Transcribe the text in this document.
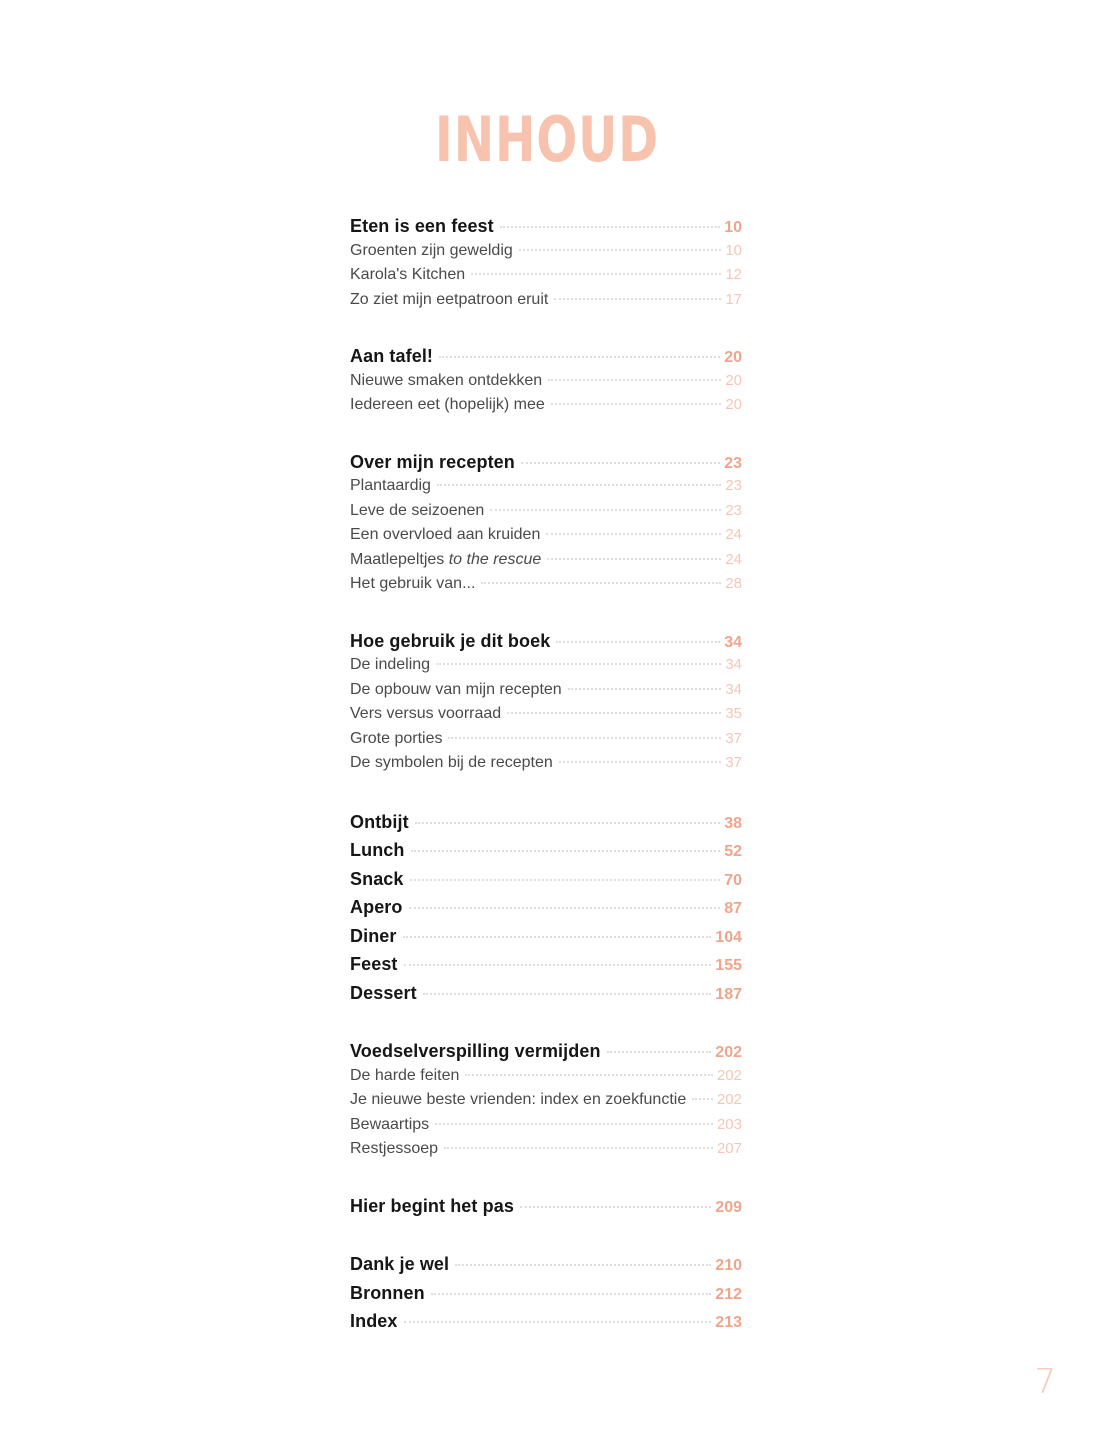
INHOUD
Eten is een feest	10
Groenten zijn geweldig	10
Karola's Kitchen	12
Zo ziet mijn eetpatroon eruit	17
Aan tafel!	20
Nieuwe smaken ontdekken	20
Iedereen eet (hopelijk) mee	20
Over mijn recepten	23
Plantaardig	23
Leve de seizoenen	23
Een overvloed aan kruiden	24
Maatlepeltjes to the rescue	24
Het gebruik van...	28
Hoe gebruik je dit boek	34
De indeling	34
De opbouw van mijn recepten	34
Vers versus voorraad	35
Grote porties	37
De symbolen bij de recepten	37
Ontbijt	38
Lunch	52
Snack	70
Apero	87
Diner	104
Feest	155
Dessert	187
Voedselverspilling vermijden	202
De harde feiten	202
Je nieuwe beste vrienden: index en zoekfunctie 202
Bewaartips	203
Restjessoep	207
Hier begint het pas	209
Dank je wel	210
Bronnen	212
Index	213
7
